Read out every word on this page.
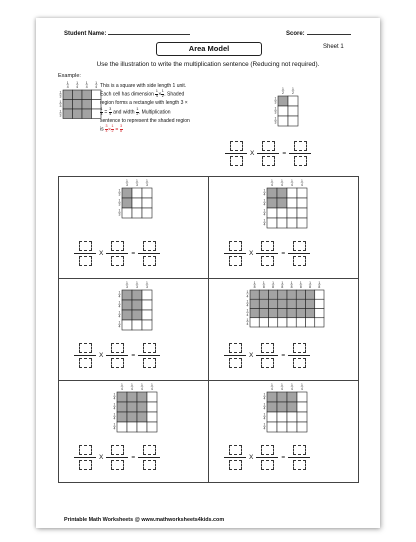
Student Name:	Score:
Area Model	Sheet 1
Use the illustration to write the multiplication sentence (Reducing not required).
Example:
1
4
1
4
1
4
1
4
1
3
1
3
1
3
This is a square with side length 1 unit. Each cell has dimension $\frac{1}{4} \times \frac{1}{2}$ . Shaded region forms a rectangle with length 3 ×
$\frac{1}{4} = \frac{3}{4}$ and width $\frac{1}{2}$ . Multiplication sentence to represent the shaded region is $\frac{3}{4} \times \frac{1}{2} = \frac{3}{8}$
1
2
1
2
1
3
1
3
1
3
X	=
1
3
1
3
1
3
1
3
1
3
1
3
X	=
1
4
1
4
1
4
1
4
1
4
1
4
1
4
1
4
X	=
1
3
1
3
1
3
1
4
1
4
1
4
1
4
X	=
1
8
1
8
1
8
1
8
1
8
1
8
1
8
1
8
1
4
1
4
1
4
1
4
X	=
1
4
1
4
1
4
1
4
1
4
1
4
1
4
1
4
X	=
1
4
1
4
1
4
1
4
1
4
1
4
1
4
1
4
X	=
Printable Math Worksheets @ www.mathworksheets4kids.com
